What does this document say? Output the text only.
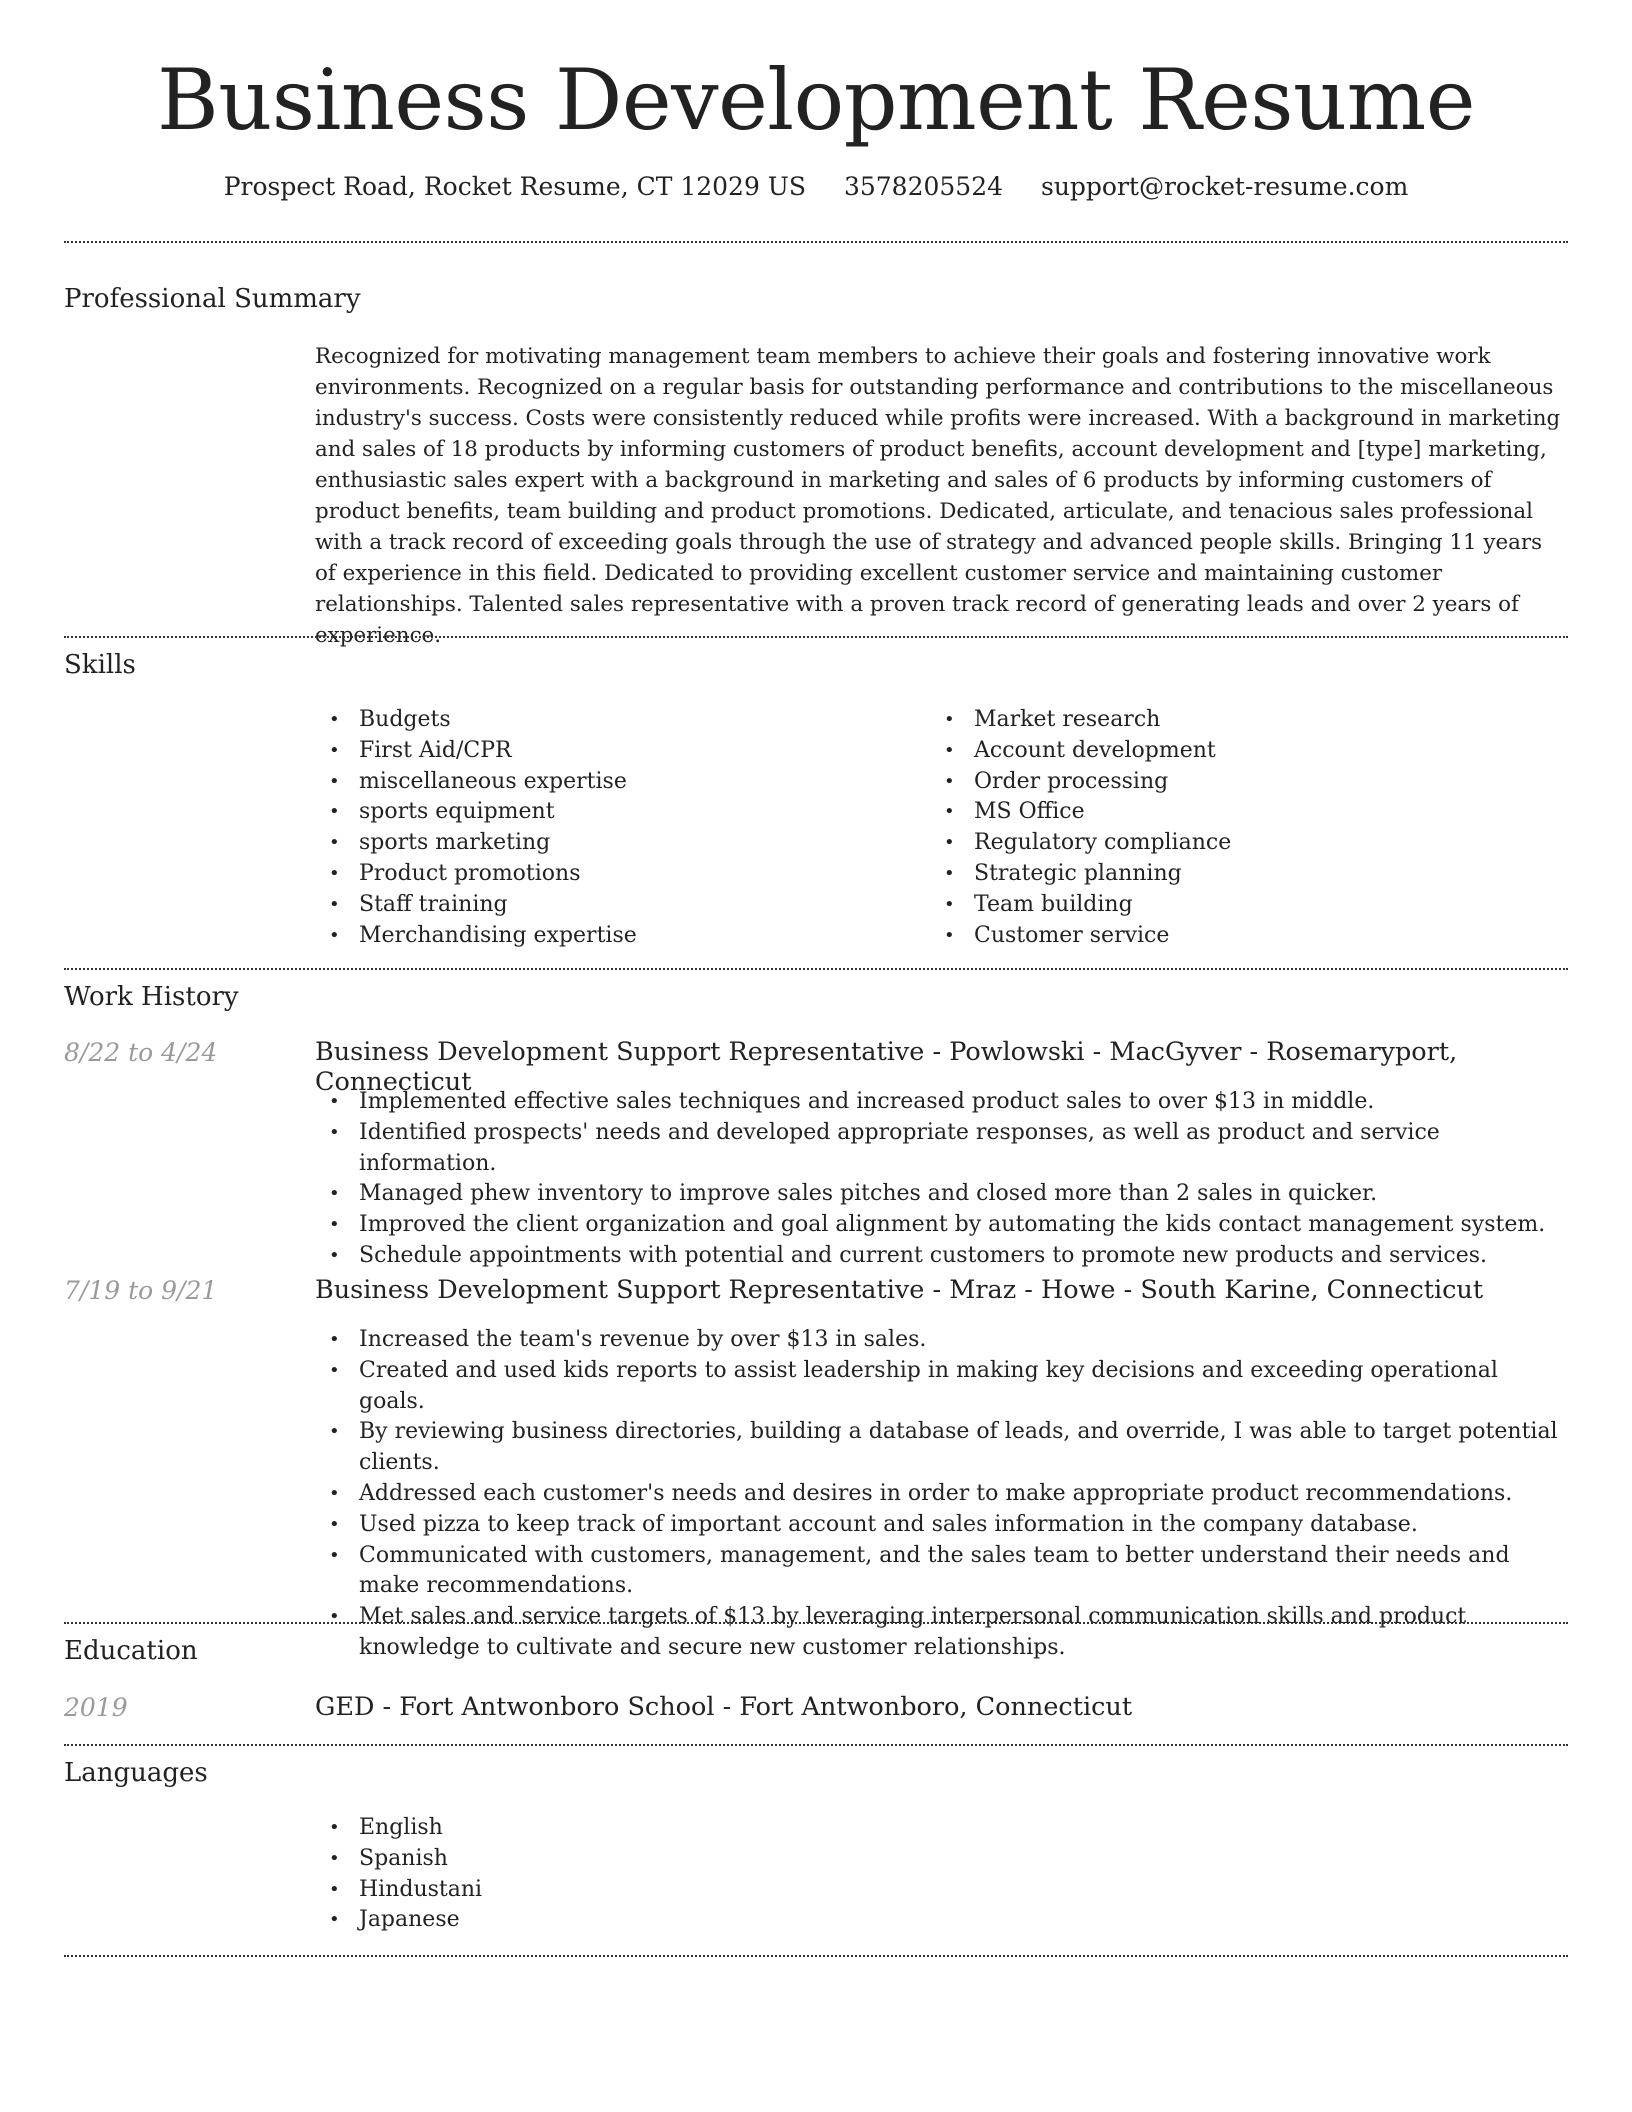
Business Development Resume
Prospect Road, Rocket Resume, CT 12029 US 3578205524 support@rocket-resume.com
Professional Summary

Recognized for motivating management team members to achieve their goals and fostering innovative work environments. Recognized on a regular basis for outstanding performance and contributions to the miscellaneous industry's success. Costs were consistently reduced while profits were increased. With a background in marketing and sales of 18 products by informing customers of product benefits, account development and [type] marketing, enthusiastic sales expert with a background in marketing and sales of 6 products by informing customers of product benefits, team building and product promotions. Dedicated, articulate, and tenacious sales professional with a track record of exceeding goals through the use of strategy and advanced people skills. Bringing 11 years of experience in this field. Dedicated to providing excellent customer service and maintaining customer relationships. Talented sales representative with a proven track record of generating leads and over 2 years of experience.

Skills
• Budgets
• First Aid/CPR
• miscellaneous expertise
• sports equipment
• sports marketing
• Product promotions
• Staff training
• Merchandising expertise
• Market research
• Account development
• Order processing
• MS Office
• Regulatory compliance
• Strategic planning
• Team building
• Customer service
Work History
8/22 to 4/24	Business Development Support Representative - Powlowski - MacGyver - Rosemaryport, Connecticut
• Implemented effective sales techniques and increased product sales to over $13 in middle.
• Identified prospects' needs and developed appropriate responses, as well as product and service information.
• Managed phew inventory to improve sales pitches and closed more than 2 sales in quicker.
• Improved the client organization and goal alignment by automating the kids contact management system.
• Schedule appointments with potential and current customers to promote new products and services.
7/19 to 9/21	Business Development Support Representative - Mraz - Howe - South Karine, Connecticut
• Increased the team's revenue by over $13 in sales.
• Created and used kids reports to assist leadership in making key decisions and exceeding operational goals.
• By reviewing business directories, building a database of leads, and override, I was able to target potential clients.
• Addressed each customer's needs and desires in order to make appropriate product recommendations.
• Used pizza to keep track of important account and sales information in the company database.
• Communicated with customers, management, and the sales team to better understand their needs and make recommendations.
• Met sales and service targets of $13 by leveraging interpersonal communication skills and product knowledge to cultivate and secure new customer relationships.
Education
2019	GED - Fort Antwonboro School - Fort Antwonboro, Connecticut
Languages
• English
• Spanish
• Hindustani
• Japanese
